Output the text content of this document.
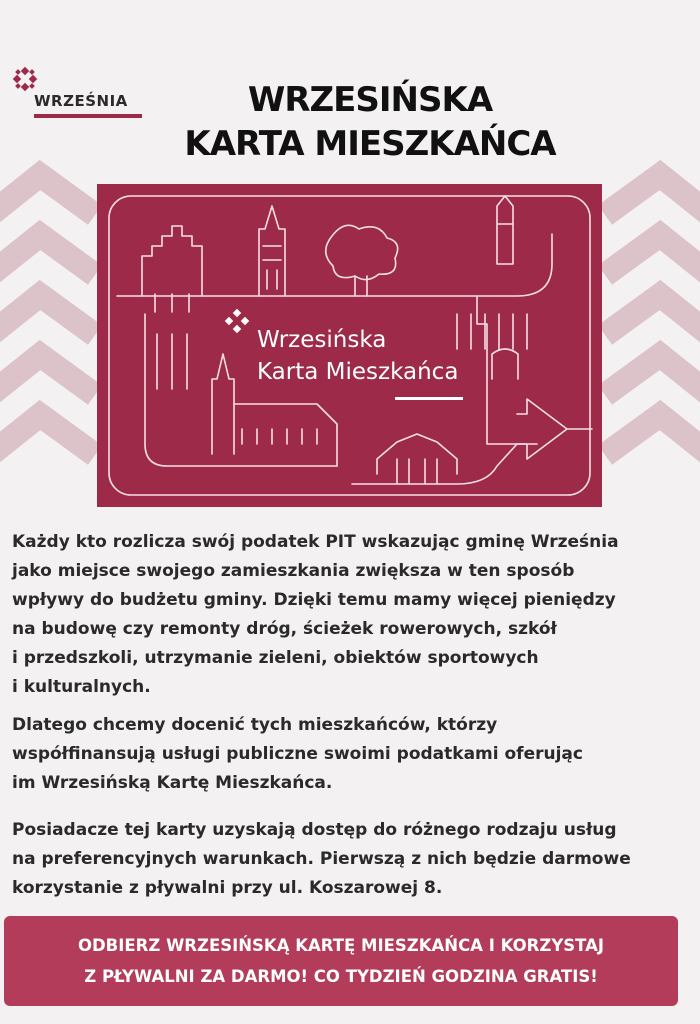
WRZEŚNIA	WRZESIŃSKA
KARTA MIESZKAŃCA
Wrzesińska
Karta Mieszkańca

Każdy kto rozlicza swój podatek PIT wskazując gminę Września
jako miejsce swojego zamieszkania zwiększa w ten sposób
wpływy do budżetu gminy. Dzięki temu mamy więcej pieniędzy
na budowę czy remonty dróg, ścieżek rowerowych, szkół
i przedszkoli, utrzymanie zieleni, obiektów sportowych
i kulturalnych.

Dlatego chcemy docenić tych mieszkańców, którzy
współfinansują usługi publiczne swoimi podatkami oferując
im Wrzesińską Kartę Mieszkańca.

Posiadacze tej karty uzyskają dostęp do różnego rodzaju usług
na preferencyjnych warunkach. Pierwszą z nich będzie darmowe
korzystanie z pływalni przy ul. Koszarowej 8.

ODBIERZ WRZESIŃSKĄ KARTĘ MIESZKAŃCA I KORZYSTAJ
Z PŁYWALNI ZA DARMO! CO TYDZIEŃ GODZINA GRATIS!
